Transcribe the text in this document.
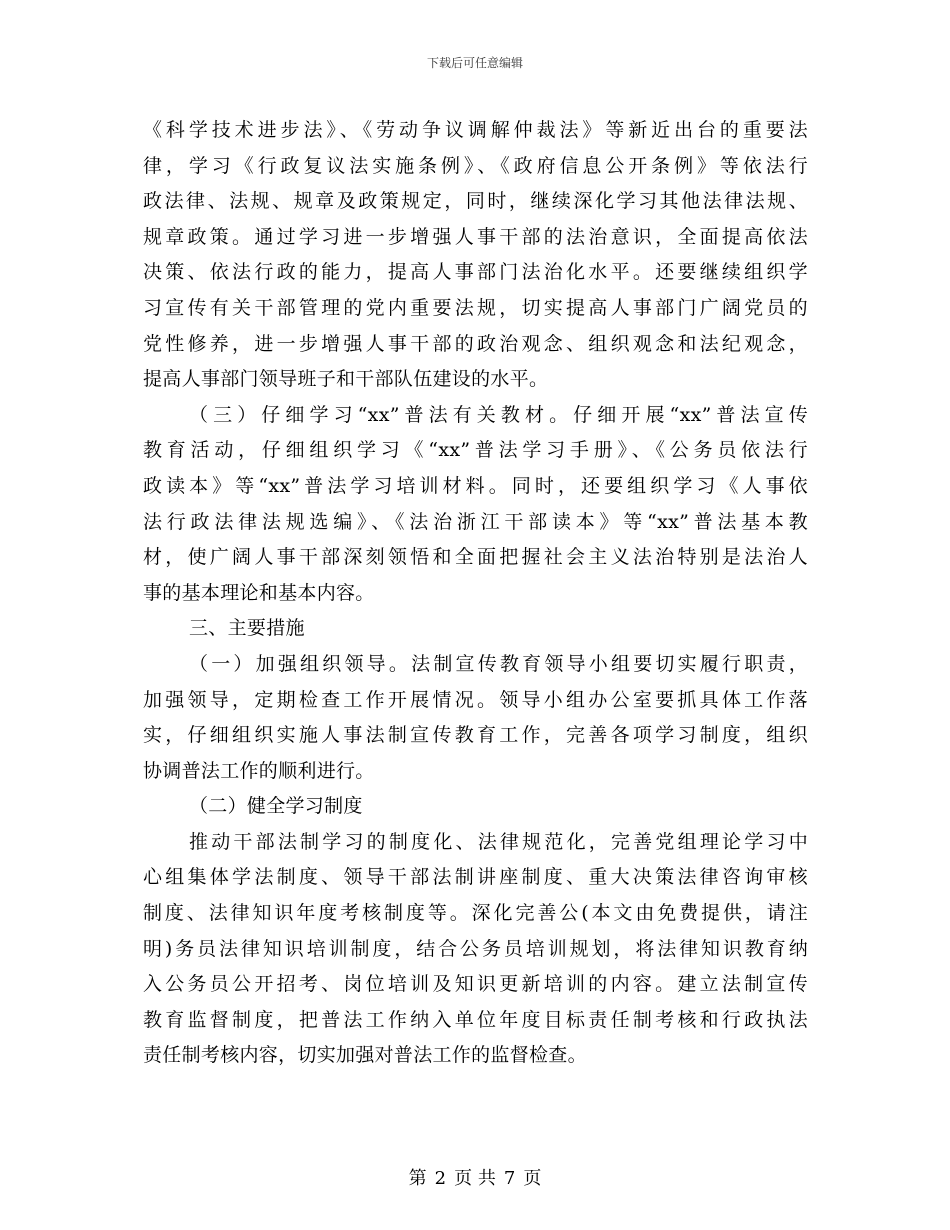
下载后可任意编辑
《科学技术进步法》、《劳动争议调解仲裁法》等新近出台的重要法
律，学习《行政复议法实施条例》、《政府信息公开条例》等依法行
政法律、法规、规章及政策规定，同时，继续深化学习其他法律法规、
规章政策。通过学习进一步增强人事干部的法治意识，全面提高依法
决策、依法行政的能力，提高人事部门法治化水平。还要继续组织学
习宣传有关干部管理的党内重要法规，切实提高人事部门广阔党员的
党性修养，进一步增强人事干部的政治观念、组织观念和法纪观念，
提高人事部门领导班子和干部队伍建设的水平。
（三）仔细学习“xx”普法有关教材。仔细开展“xx”普法宣传
教育活动，仔细组织学习《“xx”普法学习手册》、《公务员依法行
政读本》等“xx”普法学习培训材料。同时，还要组织学习《人事依
法行政法律法规选编》、《法治浙江干部读本》等“xx”普法基本教
材，使广阔人事干部深刻领悟和全面把握社会主义法治特别是法治人
事的基本理论和基本内容。
三、主要措施
（一）加强组织领导。法制宣传教育领导小组要切实履行职责，
加强领导，定期检查工作开展情况。领导小组办公室要抓具体工作落
实，仔细组织实施人事法制宣传教育工作，完善各项学习制度，组织
协调普法工作的顺利进行。
（二）健全学习制度
推动干部法制学习的制度化、法律规范化，完善党组理论学习中
心组集体学法制度、领导干部法制讲座制度、重大决策法律咨询审核
制度、法律知识年度考核制度等。深化完善公(本文由免费提供，请注
明)务员法律知识培训制度，结合公务员培训规划，将法律知识教育纳
入公务员公开招考、岗位培训及知识更新培训的内容。建立法制宣传
教育监督制度，把普法工作纳入单位年度目标责任制考核和行政执法
责任制考核内容，切实加强对普法工作的监督检查。
第 2 页 共 7 页
